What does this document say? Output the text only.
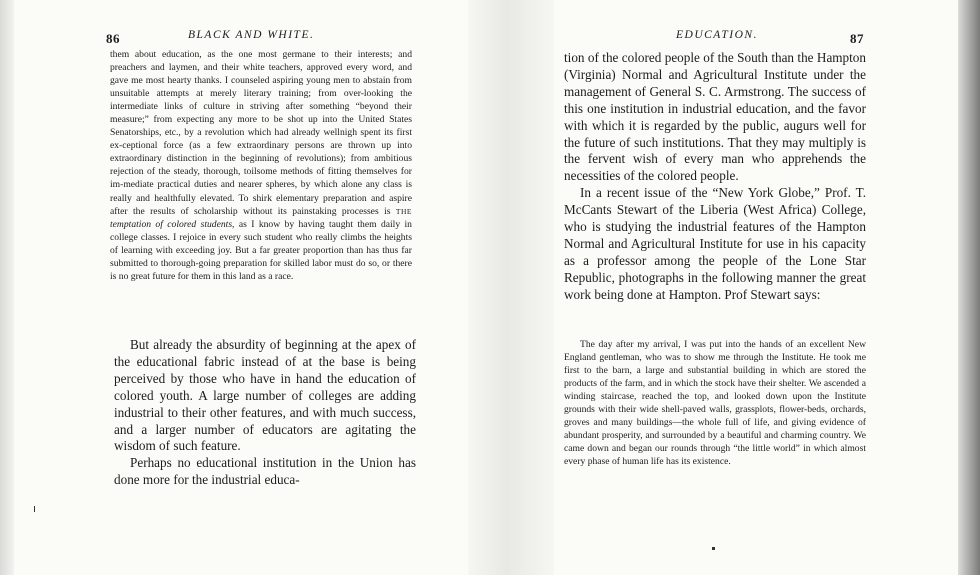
86	BLACK AND WHITE.

them about education, as the one most germane to their interests; and preachers and laymen, and their white teachers, approved every word, and gave me most hearty thanks. I counseled aspiring young men to abstain from unsuitable attempts at merely literary training; from over-looking the intermediate links of culture in striving after something “beyond their measure;” from expecting any more to be shot up into the United States Senatorships, etc., by a revolution which had already wellnigh spent its first ex-ceptional force (as a few extraordinary persons are thrown up into extraordinary distinction in the beginning of revolutions); from ambitious rejection of the steady, thorough, toilsome methods of fitting themselves for im-mediate practical duties and nearer spheres, by which alone any class is really and healthfully elevated. To shirk elementary preparation and aspire after the results of scholarship without its painstaking processes is THE temptation of colored students, as I know by having taught them daily in college classes. I rejoice in every such student who really climbs the heights of learning with exceeding joy. But a far greater proportion than has thus far submitted to thorough-going preparation for skilled labor must do so, or there is no great future for them in this land as a race.

But already the absurdity of beginning at the apex of the educational fabric instead of at the base is being perceived by those who have in hand the education of colored youth. A large number of colleges are adding industrial to their other features, and with much success, and a larger number of educators are agitating the wisdom of such feature.

Perhaps no educational institution in the Union has done more for the industrial educa-

EDUCATION.	87

tion of the colored people of the South than the Hampton (Virginia) Normal and Agricultural Institute under the management of General S. C. Armstrong. The success of this one institution in industrial education, and the favor with which it is regarded by the public, augurs well for the future of such institutions. That they may multiply is the fervent wish of every man who apprehends the necessities of the colored people.

In a recent issue of the “New York Globe,” Prof. T. McCants Stewart of the Liberia (West Africa) College, who is studying the industrial features of the Hampton Normal and Agricultural Institute for use in his capacity as a professor among the people of the Lone Star Republic, photographs in the following manner the great work being done at Hampton. Prof Stewart says:

The day after my arrival, I was put into the hands of an excellent New England gentleman, who was to show me through the Institute. He took me first to the barn, a large and substantial building in which are stored the products of the farm, and in which the stock have their shelter. We ascended a winding staircase, reached the top, and looked down upon the Institute grounds with their wide shell-paved walls, grassplots, flower-beds, orchards, groves and many buildings—the whole full of life, and giving evidence of abundant prosperity, and surrounded by a beautiful and charming country. We came down and began our rounds through “the little world” in which almost every phase of human life has its existence.
